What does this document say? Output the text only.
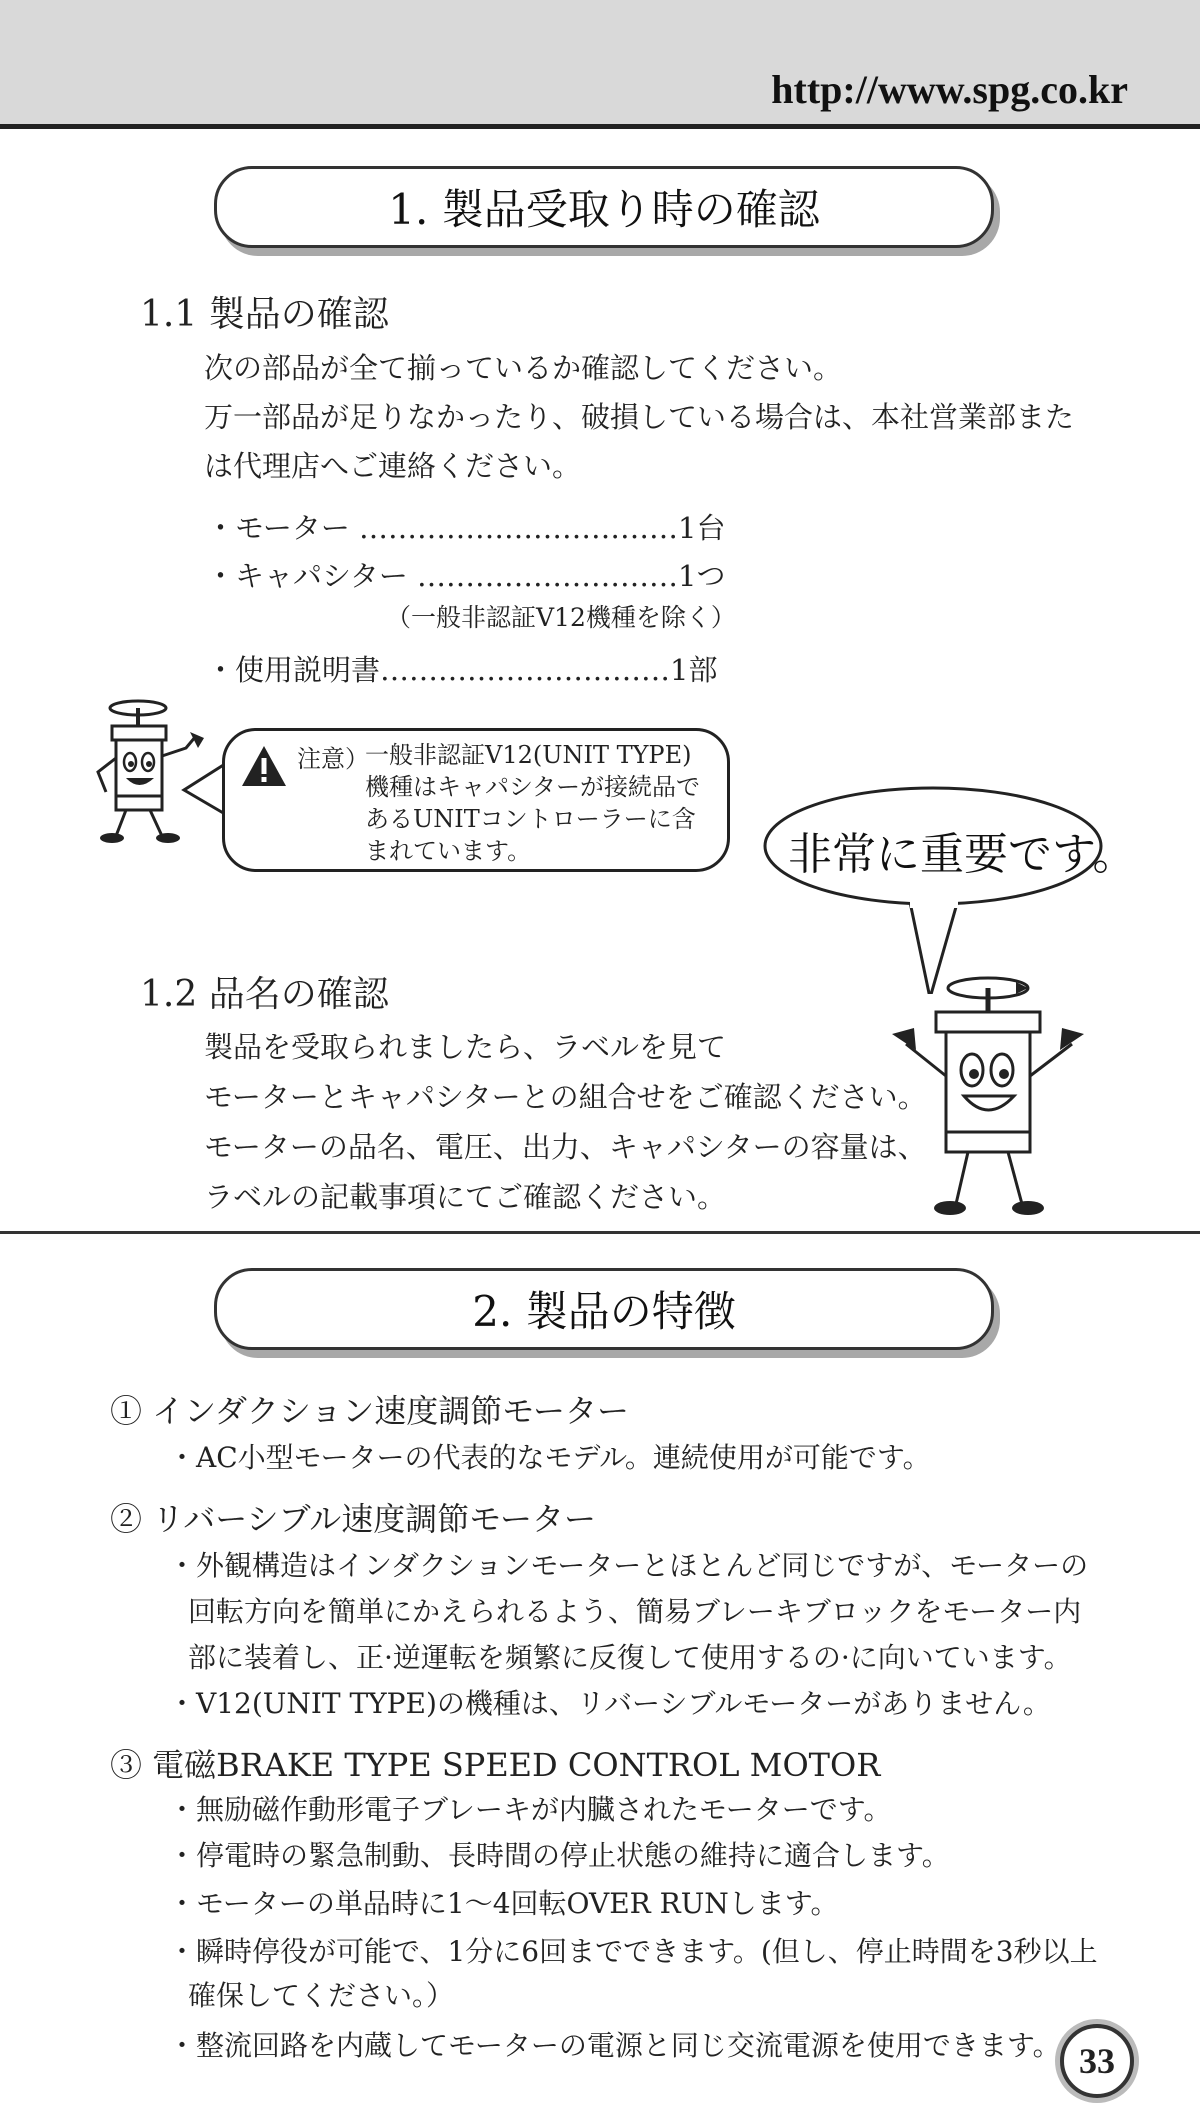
http://www.spg.co.kr
1. 製品受取り時の確認
1.1 製品の確認
次の部品が全て揃っているか確認してください。
万一部品が足りなかったり、破損している場合は、本社営業部また
は代理店へご連絡ください。
・モーター ……………………………1台
・キャパシター ………………………1つ
（一般非認証V12機種を除く）
・使用説明書…………………………1部
注意）
一般非認証V12(UNIT TYPE)
機種はキャパシターが接続品で
あるUNITコントローラーに含
まれています。	非常に重要です。
1.2 品名の確認
製品を受取られましたら、ラベルを見て
モーターとキャパシターとの組合せをご確認ください。
モーターの品名、電圧、出力、キャパシターの容量は、
ラベルの記載事項にてご確認ください。
2. 製品の特徴
① インダクション速度調節モーター
・AC小型モーターの代表的なモデル。連続使用が可能です。
② リバーシブル速度調節モーター
・外観構造はインダクションモーターとほとんど同じですが、モーターの
回転方向を簡単にかえられるよう、簡易ブレーキブロックをモーター内
部に装着し、正·逆運転を頻繁に反復して使用するの·に向いています。
・V12(UNIT TYPE)の機種は、リバーシブルモーターがありません。
③ 電磁BRAKE TYPE SPEED CONTROL MOTOR
・無励磁作動形電子ブレーキが内臓されたモーターです。
・停電時の緊急制動、長時間の停止状態の維持に適合します。
・モーターの単品時に1～4回転OVER RUNします。
・瞬時停役が可能で、1分に6回までできます。(但し、停止時間を3秒以上
確保してください。）
・整流回路を内蔵してモーターの電源と同じ交流電源を使用できます。 33
